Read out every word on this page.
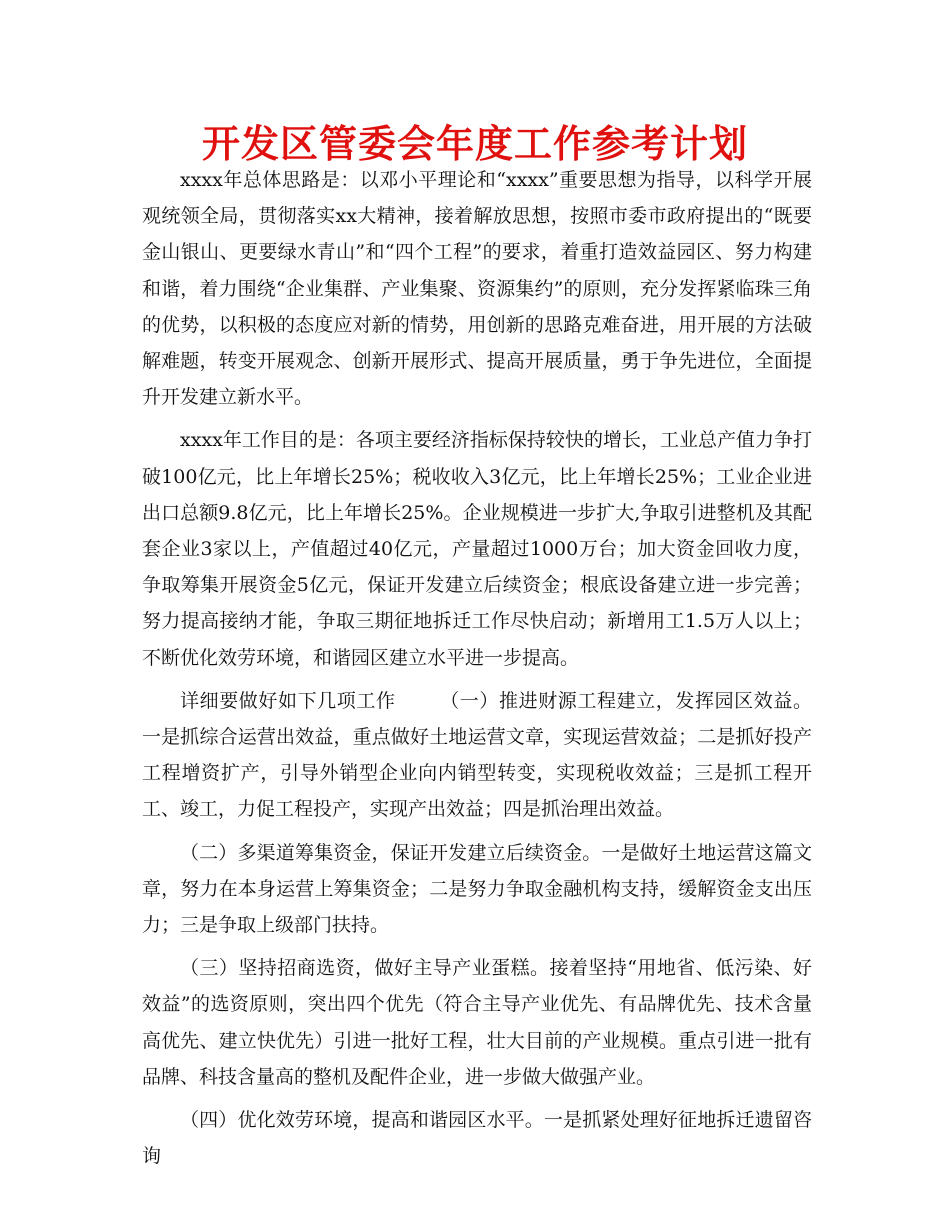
开发区管委会年度工作参考计划

xxxx年总体思路是：以邓小平理论和“xxxx”重要思想为指导，以科学开展观统领全局，贯彻落实xx大精神，接着解放思想，按照市委市政府提出的“既要金山银山、更要绿水青山”和“四个工程”的要求，着重打造效益园区、努力构建和谐，着力围绕“企业集群、产业集聚、资源集约”的原则，充分发挥紧临珠三角的优势，以积极的态度应对新的情势，用创新的思路克难奋进，用开展的方法破解难题，转变开展观念、创新开展形式、提高开展质量，勇于争先进位，全面提升开发建立新水平。

xxxx年工作目的是：各项主要经济指标保持较快的增长，工业总产值力争打破100亿元，比上年增长25%；税收收入3亿元，比上年增长25%；工业企业进出口总额9.8亿元，比上年增长25%。企业规模进一步扩大,争取引进整机及其配套企业3家以上，产值超过40亿元，产量超过1000万台；加大资金回收力度，争取筹集开展资金5亿元，保证开发建立后续资金；根底设备建立进一步完善；努力提高接纳才能，争取三期征地拆迁工作尽快启动；新增用工1.5万人以上；不断优化效劳环境，和谐园区建立水平进一步提高。

详细要做好如下几项工作 （一）推进财源工程建立，发挥园区效益。一是抓综合运营出效益，重点做好土地运营文章，实现运营效益；二是抓好投产工程增资扩产，引导外销型企业向内销型转变，实现税收效益；三是抓工程开工、竣工，力促工程投产，实现产出效益；四是抓治理出效益。

（二）多渠道筹集资金，保证开发建立后续资金。一是做好土地运营这篇文章，努力在本身运营上筹集资金；二是努力争取金融机构支持，缓解资金支出压力；三是争取上级部门扶持。

（三）坚持招商选资，做好主导产业蛋糕。接着坚持“用地省、低污染、好效益”的选资原则，突出四个优先（符合主导产业优先、有品牌优先、技术含量高优先、建立快优先）引进一批好工程，壮大目前的产业规模。重点引进一批有品牌、科技含量高的整机及配件企业，进一步做大做强产业。

（四）优化效劳环境，提高和谐园区水平。一是抓紧处理好征地拆迁遗留咨询
